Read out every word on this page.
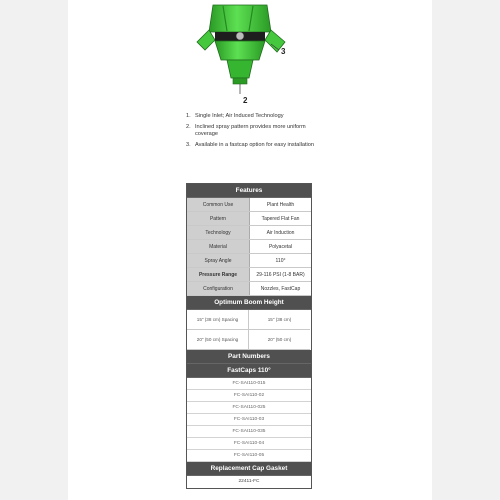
3
2
1. Single Inlet; Air Induced Technology
2. Inclined spray pattern provides more uniform coverage
3. Available in a fastcap option for easy installation
Features
Common Use	Plant Health
Pattern	Tapered Flat Fan
Technology	Air Induction
Material	Polyacetal
Spray Angle	110°
Pressure Range	29-116 PSI (1-8 BAR)
Configuration	Nozzles, FastCap
Optimum Boom Height
15" (38 cm) Spacing	15" (38 cm)
20" (50 cm) Spacing	20" (50 cm)
Part Numbers
FastCaps 110°
FC-SAI110-015
FC-SAI110-02
FC-SAI110-025
FC-SAI110-03
FC-SAI110-035
FC-SAI110-04
FC-SAI110-05
Replacement Cap Gasket
22411-FC
